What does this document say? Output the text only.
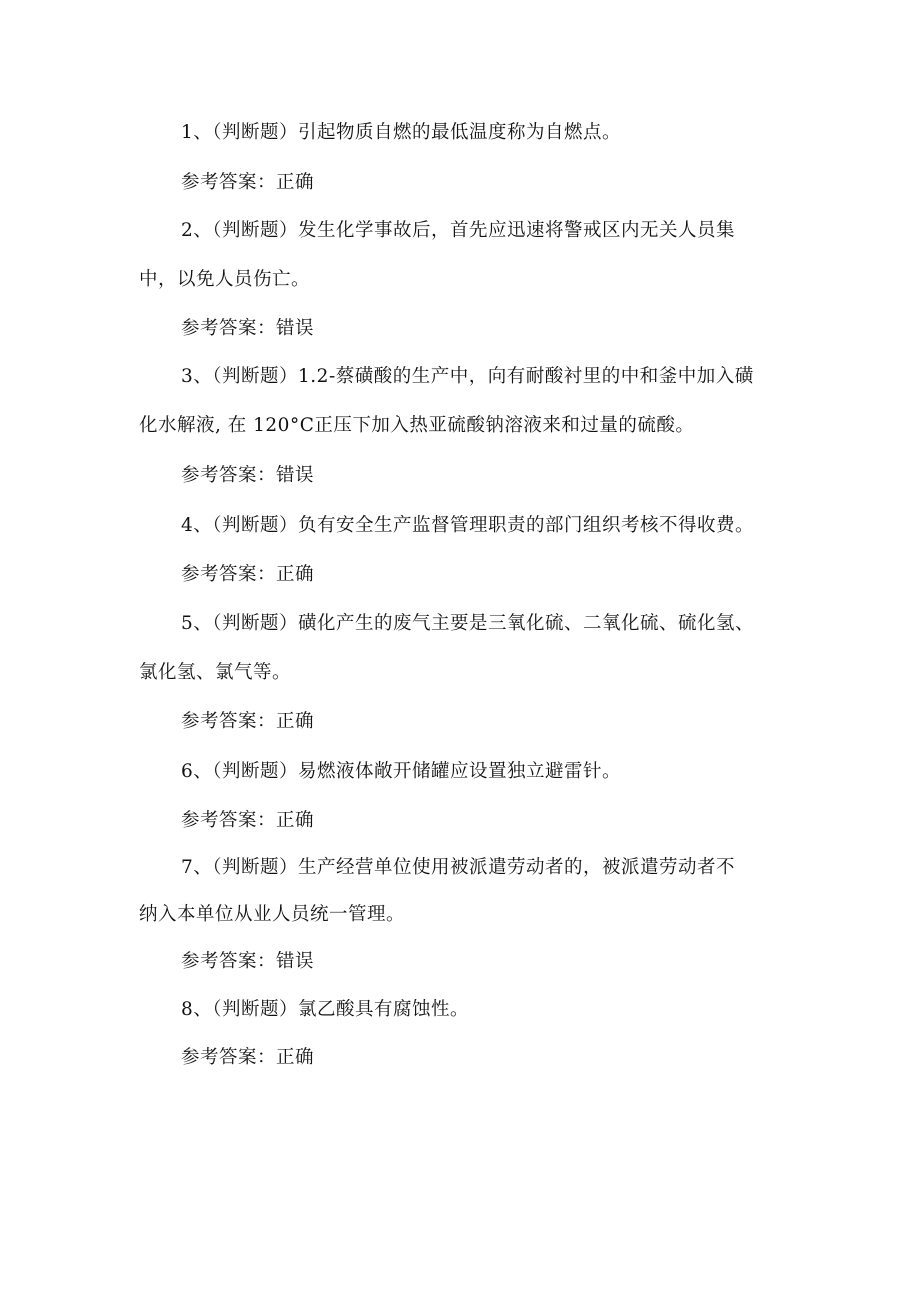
1、（判断题）引起物质自燃的最低温度称为自燃点。
参考答案：正确
2、（判断题）发生化学事故后，首先应迅速将警戒区内无关人员集
中，以免人员伤亡。
参考答案：错误
3、（判断题）1.2-蔡磺酸的生产中，向有耐酸衬里的中和釜中加入磺
化水解液, 在 120°C正压下加入热亚硫酸钠溶液来和过量的硫酸。
参考答案：错误
4、（判断题）负有安全生产监督管理职责的部门组织考核不得收费。
参考答案：正确
5、（判断题）磺化产生的废气主要是三氧化硫、二氧化硫、硫化氢、
氯化氢、氯气等。
参考答案：正确
6、（判断题）易燃液体敞开储罐应设置独立避雷针。
参考答案：正确
7、（判断题）生产经营单位使用被派遣劳动者的，被派遣劳动者不
纳入本单位从业人员统一管理。
参考答案：错误
8、（判断题）氯乙酸具有腐蚀性。
参考答案：正确
